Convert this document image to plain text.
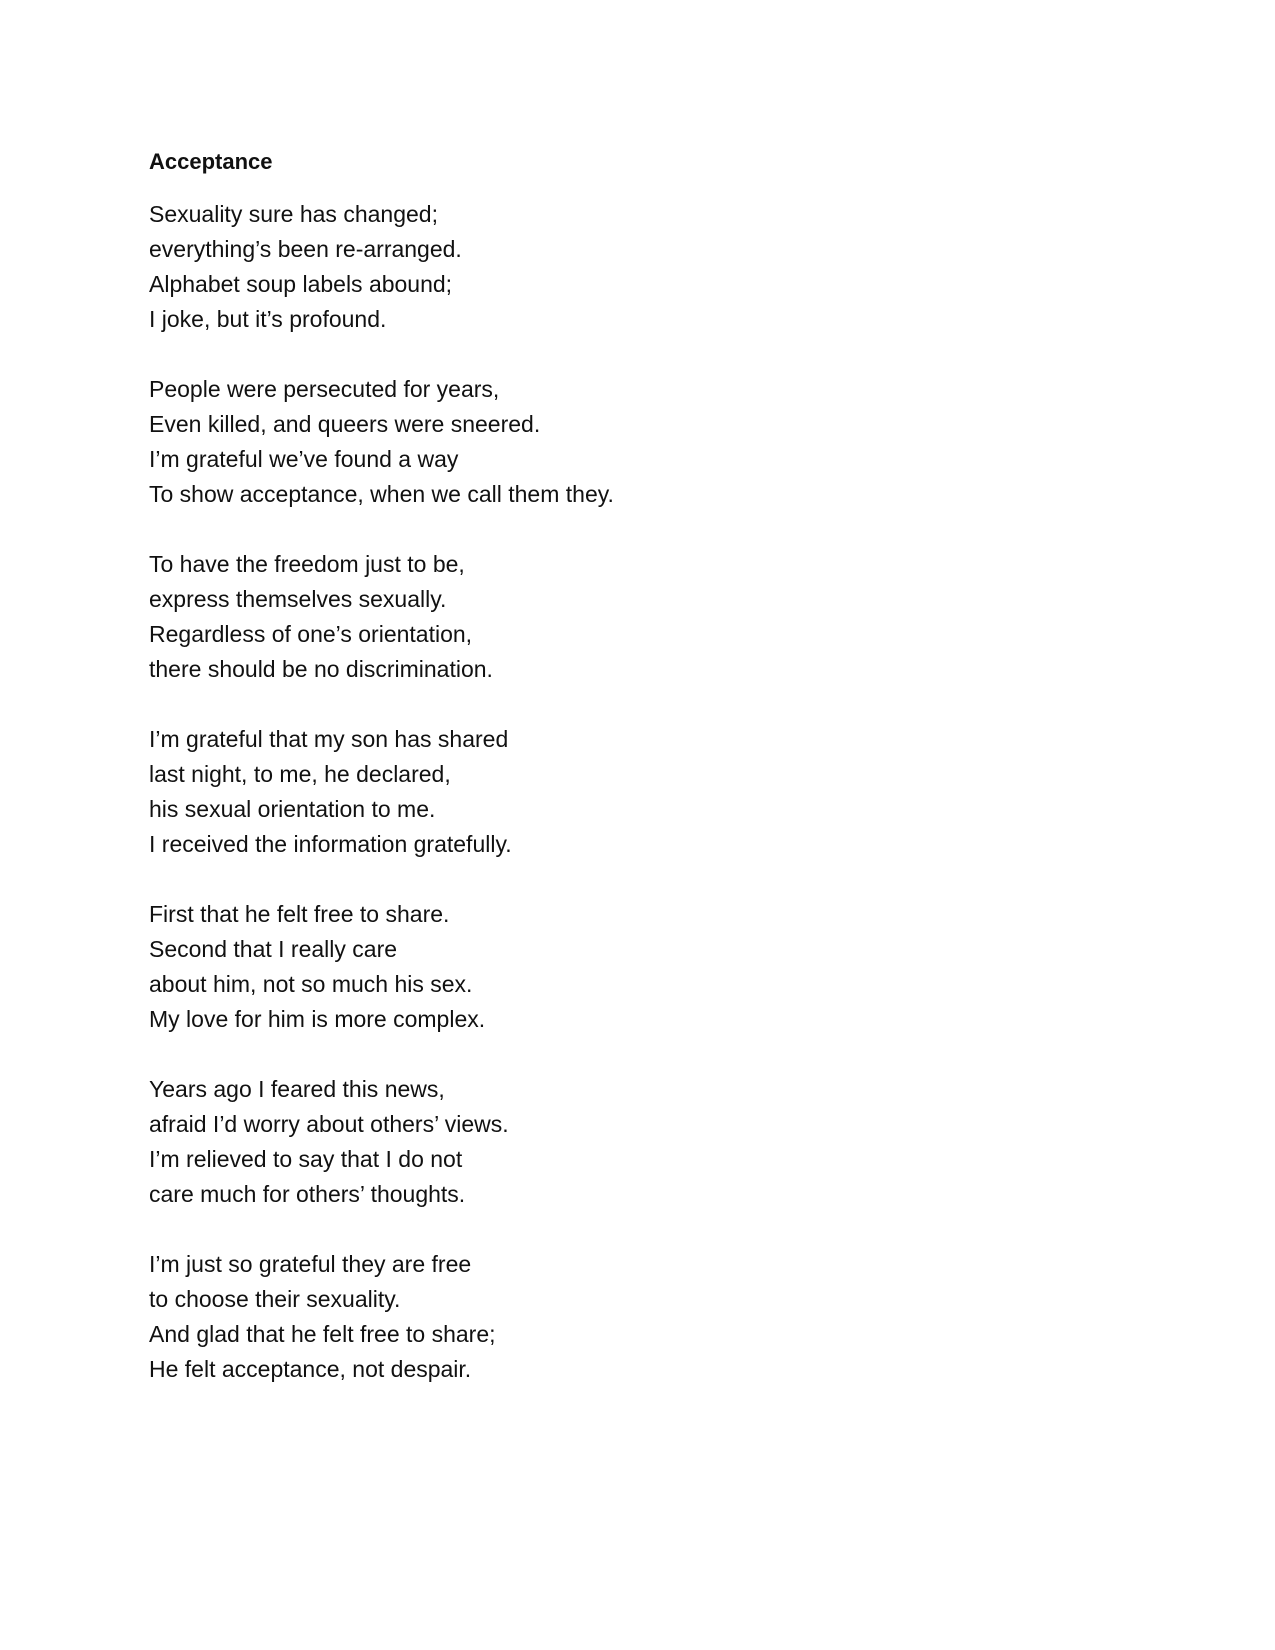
Acceptance
Sexuality sure has changed;
everything’s been re-arranged.
Alphabet soup labels abound;
I joke, but it’s profound.
People were persecuted for years,
Even killed, and queers were sneered.
I’m grateful we’ve found a way
To show acceptance, when we call them they.
To have the freedom just to be,
express themselves sexually.
Regardless of one’s orientation,
there should be no discrimination.
I’m grateful that my son has shared
last night, to me, he declared,
his sexual orientation to me.
I received the information gratefully.
First that he felt free to share.
Second that I really care
about him, not so much his sex.
My love for him is more complex.
Years ago I feared this news,
afraid I’d worry about others’ views.
I’m relieved to say that I do not
care much for others’ thoughts.
I’m just so grateful they are free
to choose their sexuality.
And glad that he felt free to share;
He felt acceptance, not despair.
